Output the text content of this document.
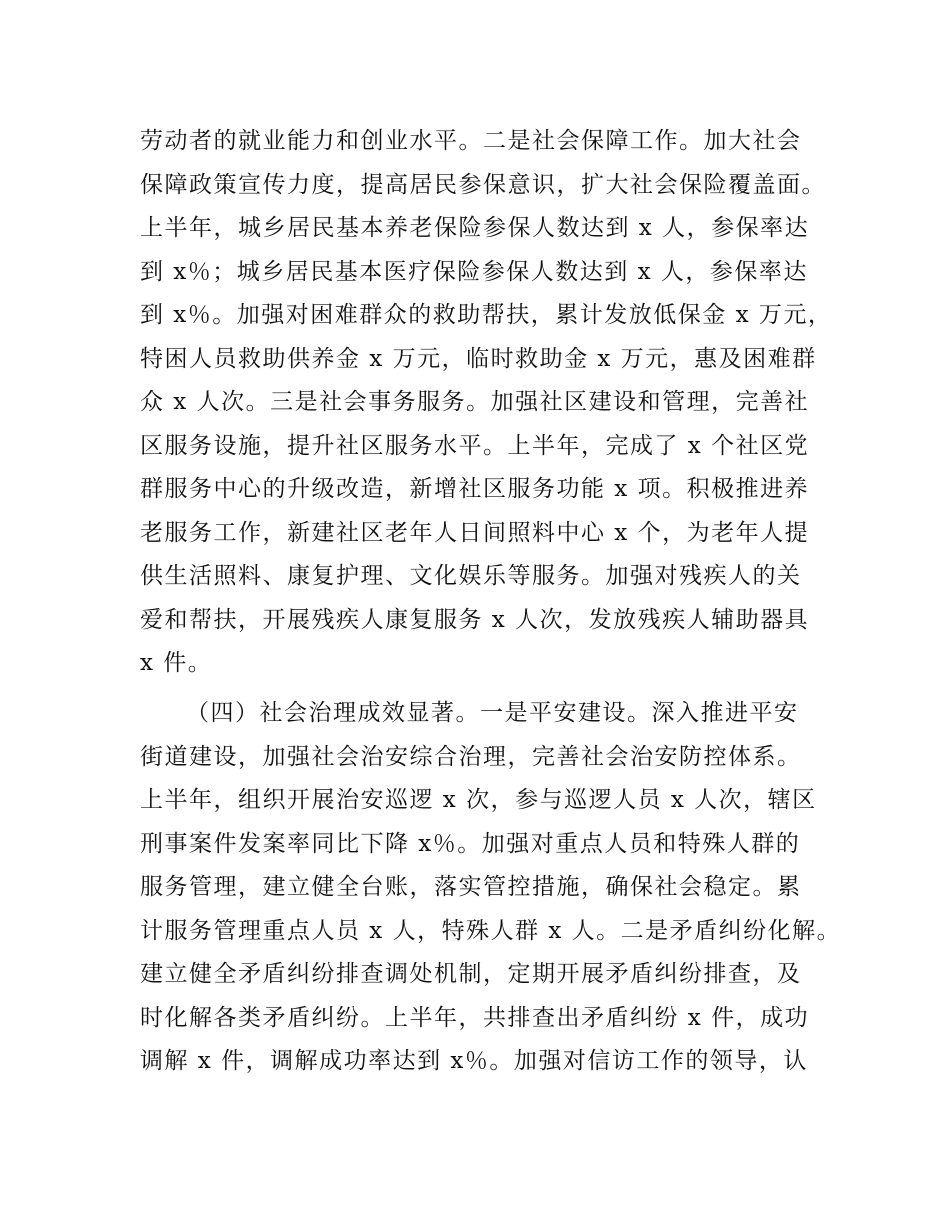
劳动者的就业能力和创业水平。二是社会保障工作。加大社会
保障政策宣传力度，提高居民参保意识，扩大社会保险覆盖面。
上半年，城乡居民基本养老保险参保人数达到 x 人，参保率达
到 x％；城乡居民基本医疗保险参保人数达到 x 人，参保率达
到 x％。加强对困难群众的救助帮扶，累计发放低保金 x 万元，
特困人员救助供养金 x 万元，临时救助金 x 万元，惠及困难群
众 x 人次。三是社会事务服务。加强社区建设和管理，完善社
区服务设施，提升社区服务水平。上半年，完成了 x 个社区党
群服务中心的升级改造，新增社区服务功能 x 项。积极推进养
老服务工作，新建社区老年人日间照料中心 x 个，为老年人提
供生活照料、康复护理、文化娱乐等服务。加强对残疾人的关
爱和帮扶，开展残疾人康复服务 x 人次，发放残疾人辅助器具
x 件。
（四）社会治理成效显著。一是平安建设。深入推进平安
街道建设，加强社会治安综合治理，完善社会治安防控体系。
上半年，组织开展治安巡逻 x 次，参与巡逻人员 x 人次，辖区
刑事案件发案率同比下降 x％。加强对重点人员和特殊人群的
服务管理，建立健全台账，落实管控措施，确保社会稳定。累
计服务管理重点人员 x 人，特殊人群 x 人。二是矛盾纠纷化解。
建立健全矛盾纠纷排查调处机制，定期开展矛盾纠纷排查，及
时化解各类矛盾纠纷。上半年，共排查出矛盾纠纷 x 件，成功
调解 x 件，调解成功率达到 x％。加强对信访工作的领导，认
